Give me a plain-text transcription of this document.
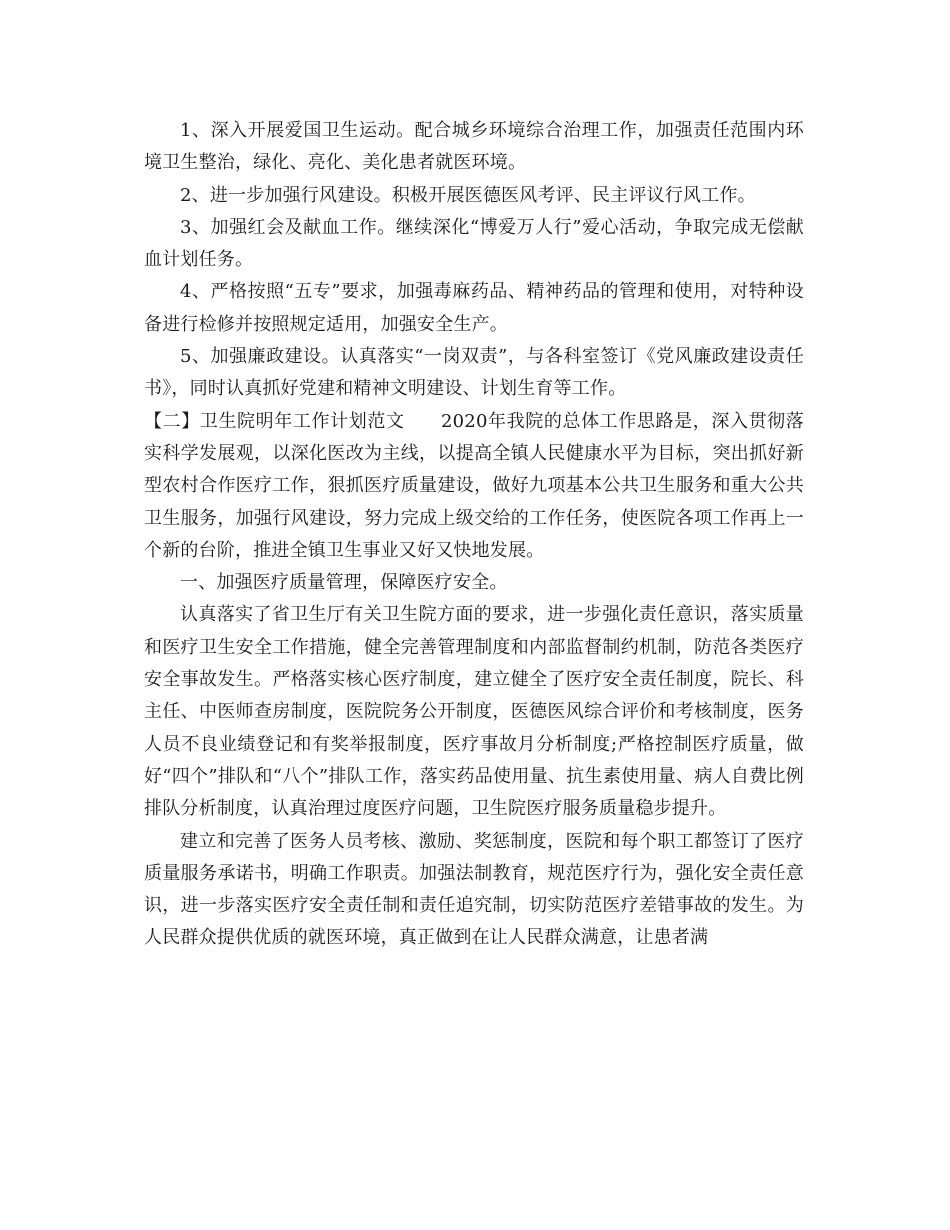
1、深入开展爱国卫生运动。配合城乡环境综合治理工作，加强责任范围内环境卫生整治，绿化、亮化、美化患者就医环境。

2、进一步加强行风建设。积极开展医德医风考评、民主评议行风工作。

3、加强红会及献血工作。继续深化“博爱万人行”爱心活动，争取完成无偿献血计划任务。

4、严格按照“五专”要求，加强毒麻药品、精神药品的管理和使用，对特种设备进行检修并按照规定适用，加强安全生产。

5、加强廉政建设。认真落实“一岗双责”，与各科室签订《党风廉政建设责任书》，同时认真抓好党建和精神文明建设、计划生育等工作。

【二】卫生院明年工作计划范文   2020年我院的总体工作思路是，深入贯彻落实科学发展观，以深化医改为主线，以提高全镇人民健康水平为目标，突出抓好新型农村合作医疗工作，狠抓医疗质量建设，做好九项基本公共卫生服务和重大公共卫生服务，加强行风建设，努力完成上级交给的工作任务，使医院各项工作再上一个新的台阶，推进全镇卫生事业又好又快地发展。

一、加强医疗质量管理，保障医疗安全。

认真落实了省卫生厅有关卫生院方面的要求，进一步强化责任意识，落实质量和医疗卫生安全工作措施，健全完善管理制度和内部监督制约机制，防范各类医疗安全事故发生。严格落实核心医疗制度，建立健全了医疗安全责任制度，院长、科主任、中医师查房制度，医院院务公开制度，医德医风综合评价和考核制度，医务人员不良业绩登记和有奖举报制度，医疗事故月分析制度;严格控制医疗质量，做好“四个”排队和“八个”排队工作，落实药品使用量、抗生素使用量、病人自费比例排队分析制度，认真治理过度医疗问题，卫生院医疗服务质量稳步提升。

建立和完善了医务人员考核、激励、奖惩制度，医院和每个职工都签订了医疗质量服务承诺书，明确工作职责。加强法制教育，规范医疗行为，强化安全责任意识，进一步落实医疗安全责任制和责任追究制，切实防范医疗差错事故的发生。为人民群众提供优质的就医环境，真正做到在让人民群众满意，让患者满
